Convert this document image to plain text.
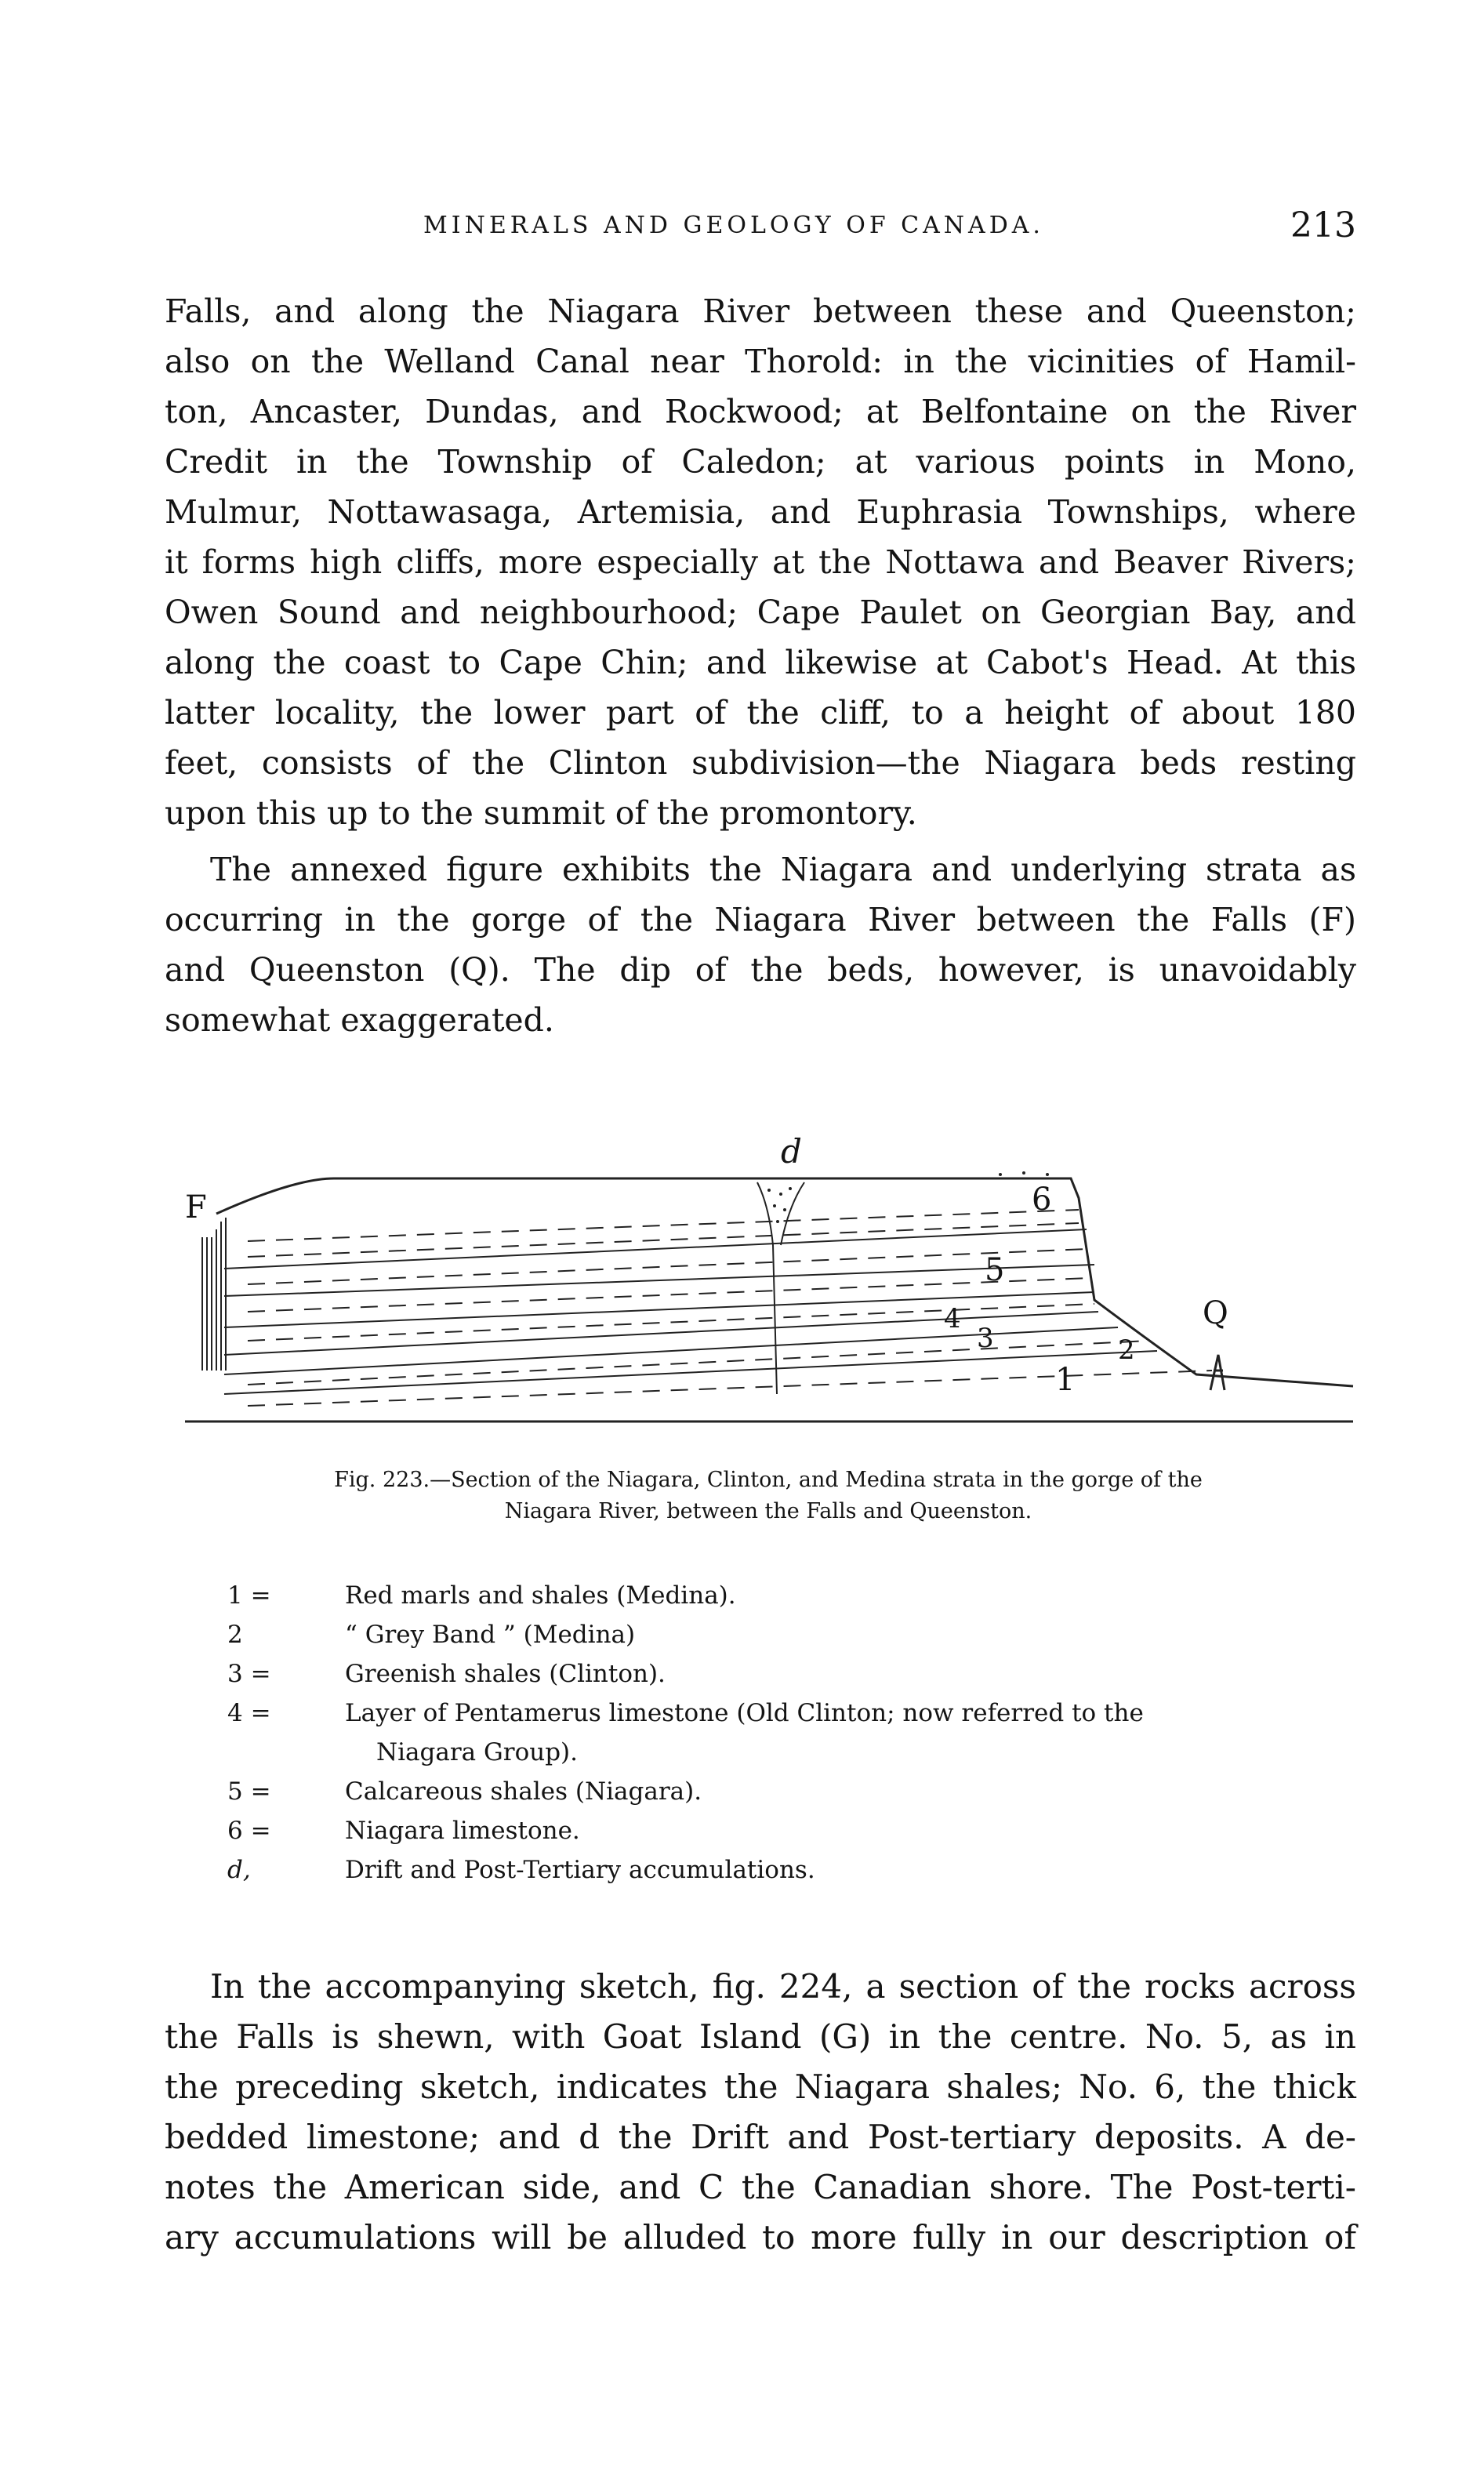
MINERALS AND GEOLOGY OF CANADA.	213
Falls, and along the Niagara River between these and Queenston;
also on the Welland Canal near Thorold: in the vicinities of Hamil-
ton, Ancaster, Dundas, and Rockwood; at Belfontaine on the River
Credit in the Township of Caledon; at various points in Mono,
Mulmur, Nottawasaga, Artemisia, and Euphrasia Townships, where
it forms high cliffs, more especially at the Nottawa and Beaver Rivers;
Owen Sound and neighbourhood; Cape Paulet on Georgian Bay, and
along the coast to Cape Chin; and likewise at Cabot's Head. At this
latter locality, the lower part of the cliff, to a height of about 180
feet, consists of the Clinton subdivision—the Niagara beds resting
upon this up to the summit of the promontory.
The annexed figure exhibits the Niagara and underlying strata as
occurring in the gorge of the Niagara River between the Falls (F)
and Queenston (Q). The dip of the beds, however, is unavoidably
somewhat exaggerated.
F
d
Q
1
2
3
4
5
6
Fig. 223.—Section of the Niagara, Clinton, and Medina strata in the gorge of the
Niagara River, between the Falls and Queenston.
1 =	Red marls and shales (Medina).
2	“ Grey Band ” (Medina)
3 =	Greenish shales (Clinton).
4 =	Layer of Pentamerus limestone (Old Clinton; now referred to the
Niagara Group).
5 =	Calcareous shales (Niagara).
6 =	Niagara limestone.
d,	Drift and Post-Tertiary accumulations.
In the accompanying sketch, fig. 224, a section of the rocks across
the Falls is shewn, with Goat Island (G) in the centre. No. 5, as in
the preceding sketch, indicates the Niagara shales; No. 6, the thick
bedded limestone; and d the Drift and Post-tertiary deposits. A de-
notes the American side, and C the Canadian shore. The Post-terti-
ary accumulations will be alluded to more fully in our description of
